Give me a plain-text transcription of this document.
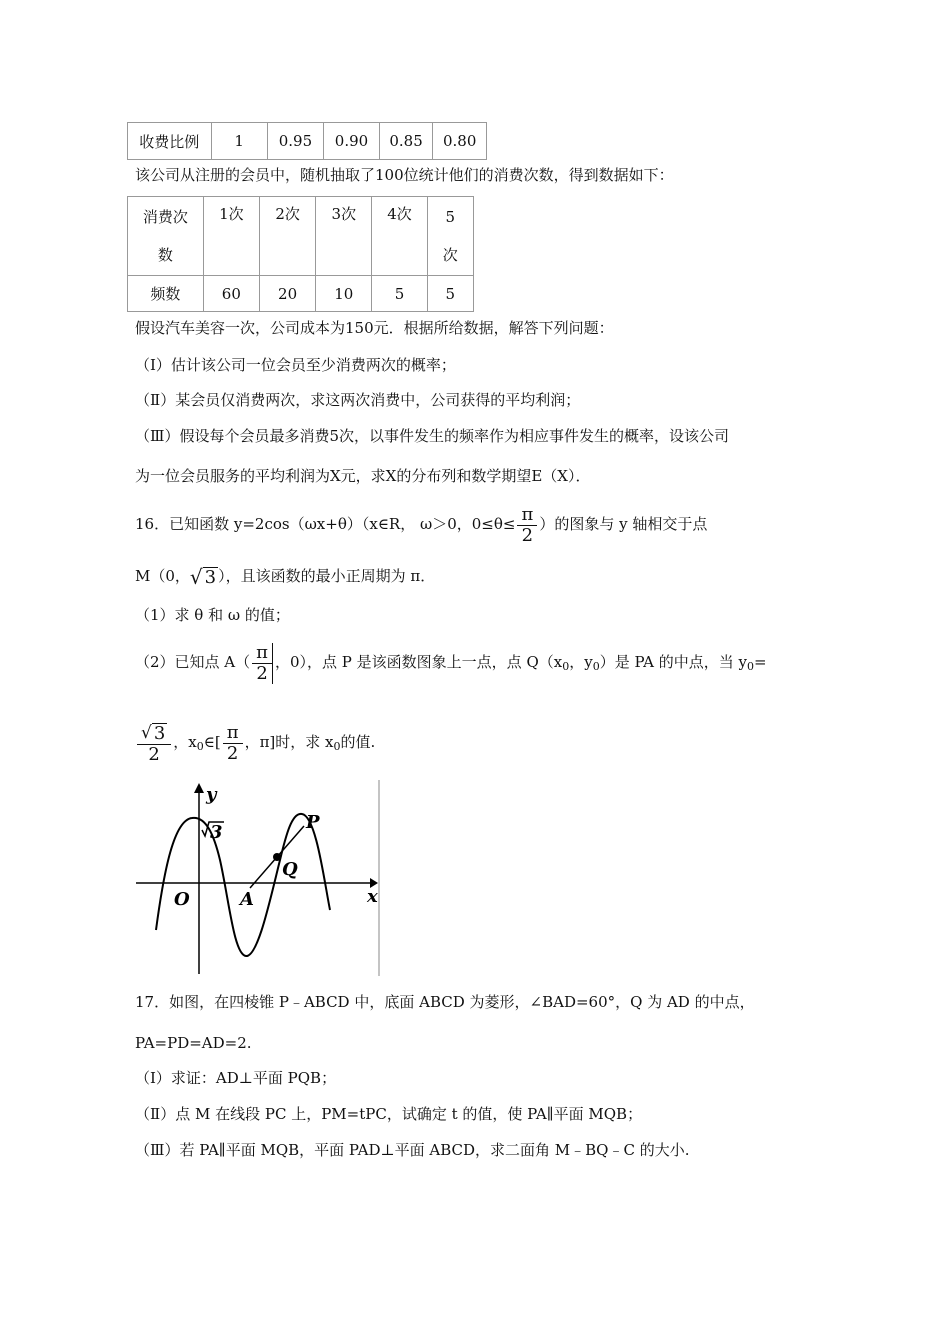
收费比例	1	0.95	0.90	0.85	0.80
该公司从注册的会员中，随机抽取了100位统计他们的消费次数，得到数据如下：
消费次
数	1次	2次	3次	4次	5
次
频数	60	20	10	5	5
假设汽车美容一次，公司成本为150元．根据所给数据，解答下列问题：
（Ⅰ）估计该公司一位会员至少消费两次的概率；
（Ⅱ）某会员仅消费两次，求这两次消费中，公司获得的平均利润；
（Ⅲ）假设每个会员最多消费5次，以事件发生的频率作为相应事件发生的概率，设该公司
为一位会员服务的平均利润为X元，求X的分布列和数学期望E（X）．
16．已知函数 y=2cos（ωx+θ）（x∈R， ω＞0，$0\le\theta\le \frac{\pi}{2}$ ）的图象与 y 轴相交于点
M（0， √ 3 ），且该函数的最小正周期为 π．
（1）求 θ 和 ω 的值；
（2）已知点 $A( \frac{\pi}{2}$ ，0），点 P 是该函数图象上一点，点 $Q(x_0$，$y_0$）是 PA 的中点，当 $y_0=$
$\frac{√ 3}{2}$ ，$x_0\in[ \frac{\pi}{2}$ ，π]时，求 $x_0$的值.
y
x
O	A
P
Q
3
17．如图，在四棱锥 P﹣ABCD 中，底面 ABCD 为菱形，∠BAD=60°，Q 为 AD 的中点，
PA=PD=AD=2.
（Ⅰ）求证：AD⊥平面 PQB；
（Ⅱ）点 M 在线段 PC 上，PM=tPC，试确定 t 的值，使 PA∥平面 MQB；
（Ⅲ）若 PA∥平面 MQB，平面 PAD⊥平面 ABCD，求二面角 M﹣BQ﹣C 的大小.
